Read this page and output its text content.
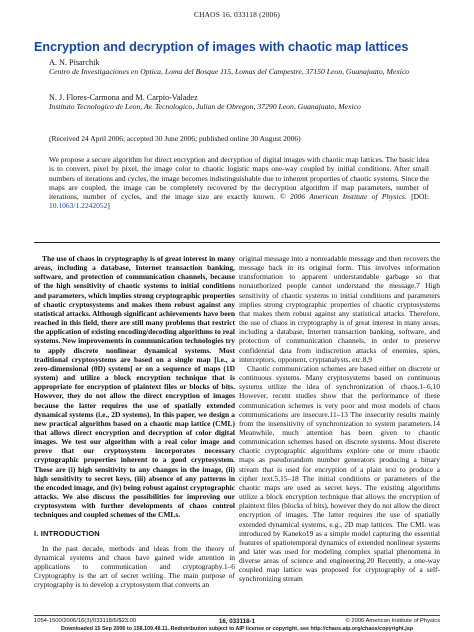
CHAOS 16, 033118 (2006)
Encryption and decryption of images with chaotic map lattices
A. N. Pisarchik
Centro de Investigaciones en Optica, Loma del Bosque 115, Lomas del Campestre, 37150 Leon, Guanajuato, Mexico
N. J. Flores-Carmona and M. Carpio-Valadez
Instituto Tecnologico de Leon, Av. Tecnologico, Julian de Obregon, 37290 Leon, Guanajuato, Mexico
(Received 24 April 2006; accepted 30 June 2006; published online 30 August 2006)
We propose a secure algorithm for direct encryption and decryption of digital images with chaotic map lattices. The basic idea is to convert, pixel by pixel, the image color to chaotic logistic maps one-way coupled by initial conditions. After small numbers of iterations and cycles, the image becomes indistinguishable due to inherent properties of chaotic systems. Since the maps are coupled, the image can be completely recovered by the decryption algorithm if map parameters, number of iterations, number of cycles, and the image size are exactly known. © 2006 American Institute of Physics. [DOI: 10.1063/1.2242052]

The use of chaos in cryptography is of great interest in many areas, including a database, Internet transaction banking, software, and protection of communication channels, because of the high sensitivity of chaotic systems to initial conditions and parameters, which implies strong cryptographic properties of chaotic cryptosystems and makes them robust against any statistical attacks. Although significant achievements have been reached in this field, there are still many problems that restrict the application of existing encoding/decoding algorithms to real systems. New improvements in communication technologies try to apply discrete nonlinear dynamical systems. Most traditional cryptosystems are based on a single map [i.e., a zero-dimensional (0D) system] or on a sequence of maps (1D system) and utilize a block encryption technique that is appropriate for encryption of plaintext files or blocks of bits. However, they do not allow the direct encryption of images because the latter requires the use of spatially extended dynamical systems (i.e., 2D systems). In this paper, we design a new practical algorithm based on a chaotic map lattice (CML) that allows direct encryption and decryption of color digital images. We test our algorithm with a real color image and prove that our cryptosystem incorporates necessary cryptographic properties inherent to a good cryptosystem. These are (i) high sensitivity to any changes in the image, (ii) high sensitivity to secret keys, (iii) absence of any patterns in the encoded image, and (iv) being robust against cryptographic attacks. We also discuss the possibilities for improving our cryptosystem with further developments of chaos control techniques and coupled schemes of the CMLs.

I. INTRODUCTION

In the past decade, methods and ideas from the theory of dynamical systems and chaos have gained wide attention in applications to communication and cryptography.1–6 Cryptography is the art of secret writing. The main purpose of cryptography is to develop a cryptosystem that converts an

original message into a nonreadable message and then recovers the message back in its original form. This involves information transformation to apparent understandable garbage so that nonauthorized people cannot understand the message.7 High sensitivity of chaotic systems to initial conditions and parameters implies strong cryptographic properties of chaotic cryptosystems that makes them robust against any statistical attacks. Therefore, the use of chaos in cryptography is of great interest in many areas, including a database, Internet transaction banking, software, and protection of communication channels, in order to preserve confidential data from indiscretion attacks of enemies, spies, interceptors, opponent, cryptanalysts, etc.8,9

Chaotic communication schemes are based either on discrete or continuous systems. Many cryptosystems based on continuous systems utilize the idea of synchronization of chaos.1–6,10 However, recent studies show that the performance of these communication schemes is very poor and most models of chaos communications are insecure.11–13 The insecurity results mainly from the insensitivity of synchronization to system parameters.14 Meanwhile, much attention has been given to chaotic communication schemes based on discrete systems. Most discrete chaotic cryptographic algorithms explore one or more chaotic maps as pseudorandom number generators producing a binary stream that is used for encryption of a plain text to produce a cipher text.5,15–18 The initial conditions or parameters of the chaotic maps are used as secret keys. The existing algorithms utilize a block encryption technique that allows the encryption of plaintext files (blocks of bits), however they do not allow the direct encryption of images. The latter requires the use of spatially extended dynamical systems, e.g., 2D map lattices. The CML was introduced by Kaneko19 as a simple model capturing the essential features of spatiotemporal dynamics of extended nonlinear systems and later was used for modeling complex spatial phenomena in diverse areas of science and engineering.20 Recently, a one-way coupled map lattice was proposed for cryptography of a self-synchronizing stream

1054-1500/2006/16(3)/033118/6/$23.00	16, 033118-1	© 2006 American Institute of Physics
Downloaded 15 Sep 2006 to 158.109.48.11. Redistribution subject to AIP license or copyright, see http://chaos.aip.org/chaos/copyright.jsp
